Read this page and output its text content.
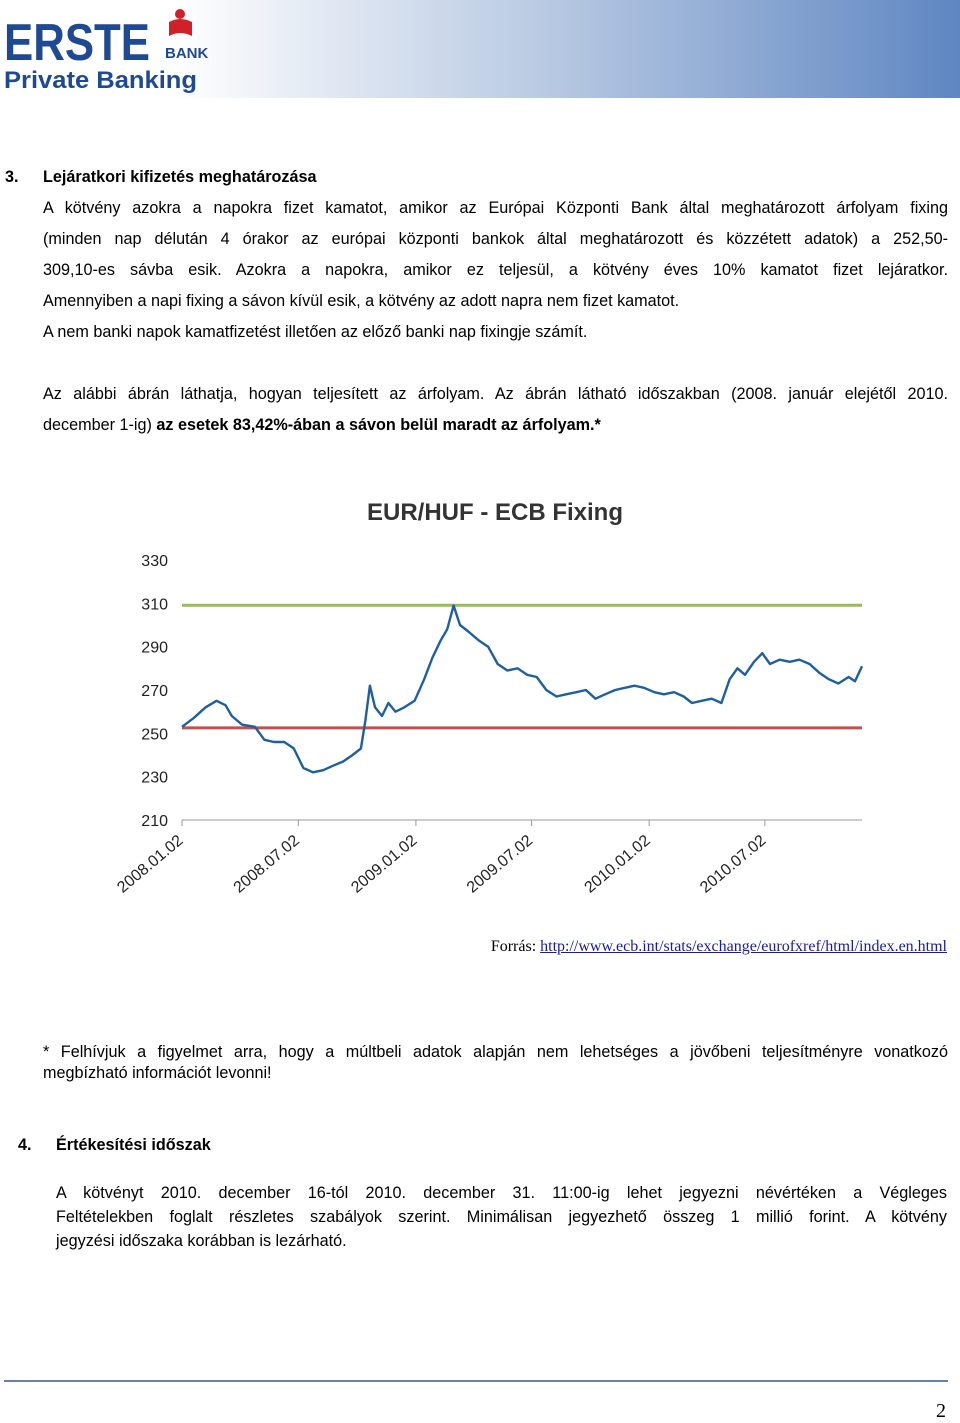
ERSTE BANK
Private Banking
3. Lejáratkori kifizetés meghatározása

A kötvény azokra a napokra fizet kamatot, amikor az Európai Központi Bank által meghatározott árfolyam fixing

(minden nap délután 4 órakor az európai központi bankok által meghatározott és közzétett adatok) a 252,50-

309,10-es sávba esik. Azokra a napokra, amikor ez teljesül, a kötvény éves 10% kamatot fizet lejáratkor.

Amennyiben a napi fixing a sávon kívül esik, a kötvény az adott napra nem fizet kamatot.

A nem banki napok kamatfizetést illetően az előző banki nap fixingje számít.

Az alábbi ábrán láthatja, hogyan teljesített az árfolyam. Az ábrán látható időszakban (2008. január elejétől 2010.

december 1-ig) az esetek 83,42%-ában a sávon belül maradt az árfolyam.*

EUR/HUF - ECB Fixing
330
310
290
270
250
230
210
2008.01.02	2008.07.02	2009.01.02	2009.07.02	2010.01.02	2010.07.02
Forrás: http://www.ecb.int/stats/exchange/eurofxref/html/index.en.html

* Felhívjuk a figyelmet arra, hogy a múltbeli adatok alapján nem lehetséges a jövőbeni teljesítményre vonatkozó

megbízható információt levonni!

4. Értékesítési időszak

A kötvényt 2010. december 16-tól 2010. december 31. 11:00-ig lehet jegyezni névértéken a Végleges

Feltételekben foglalt részletes szabályok szerint. Minimálisan jegyezhető összeg 1 millió forint. A kötvény

jegyzési időszaka korábban is lezárható.

2
